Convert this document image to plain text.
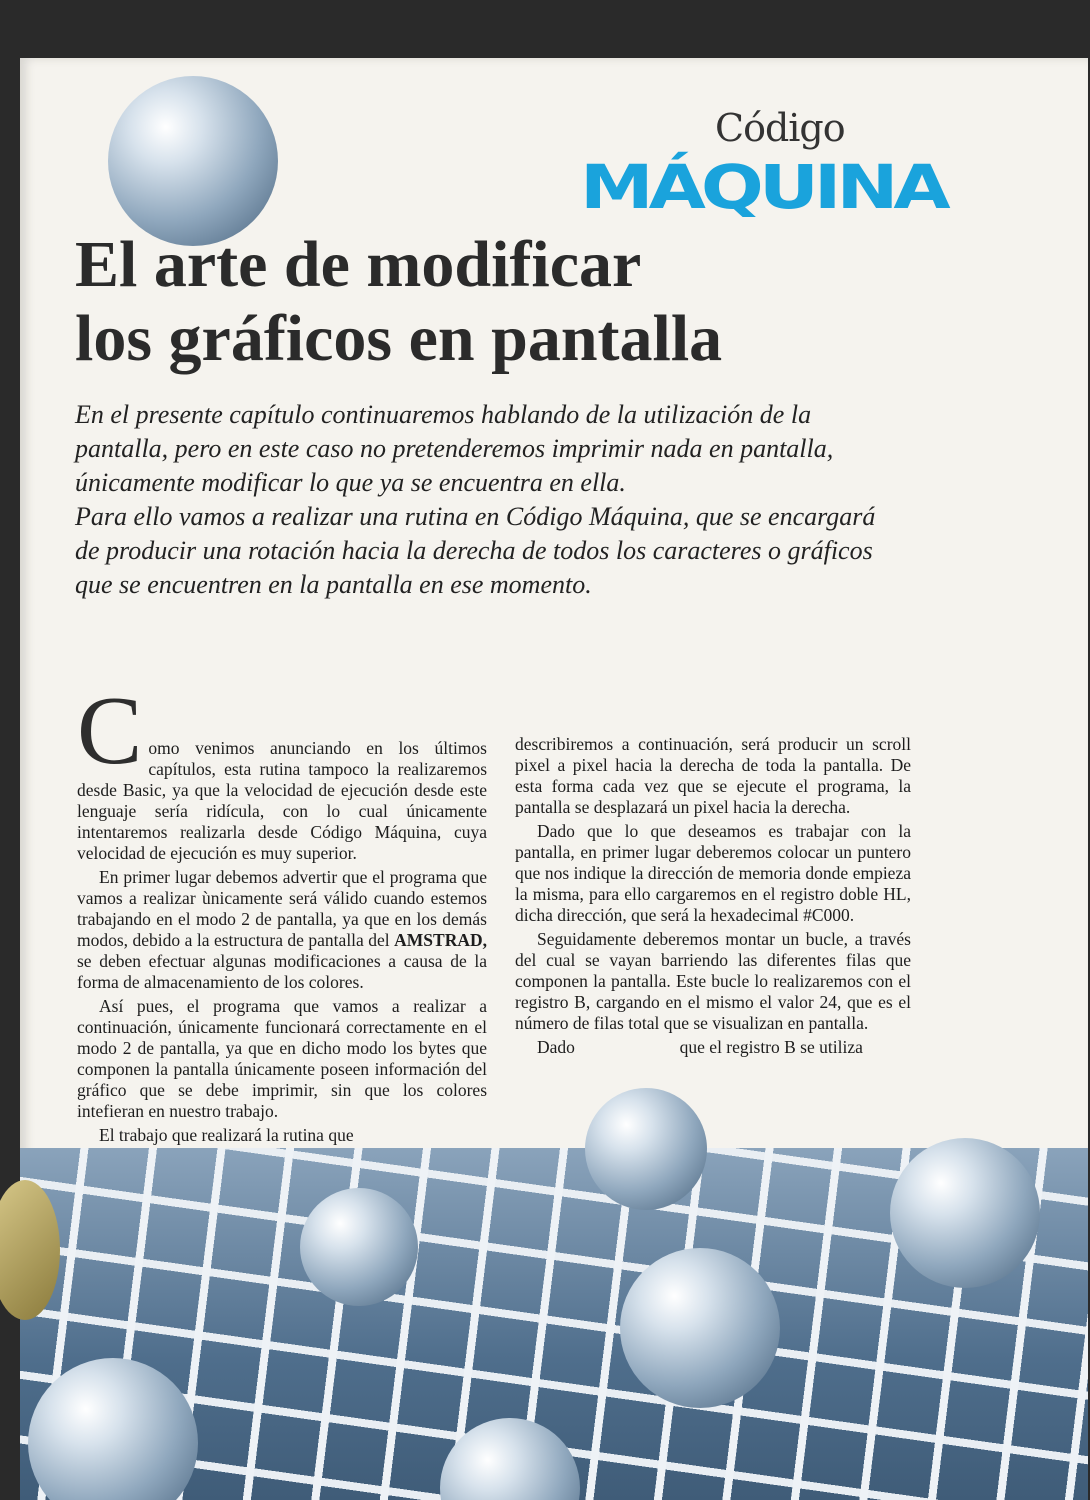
Código
MÁQUINA
El arte de modificar
los gráficos en pantalla

En el presente capítulo continuaremos hablando de la utilización de la pantalla, pero en este caso no pretenderemos imprimir nada en pantalla, únicamente modificar lo que ya se encuentra en ella.

Para ello vamos a realizar una rutina en Código Máquina, que se encargará de producir una rotación hacia la derecha de todos los caracteres o gráficos que se encuentren en la pantalla en ese momento.

Como venimos anunciando en los últimos capítulos, esta rutina tampoco la realizaremos desde Basic, ya que la velocidad de ejecución desde este lenguaje sería ridícula, con lo cual únicamente intentaremos realizarla desde Código Máquina, cuya velocidad de ejecución es muy superior.

En primer lugar debemos advertir que el programa que vamos a realizar ùnicamente será válido cuando estemos trabajando en el modo 2 de pantalla, ya que en los demás modos, debido a la estructura de pantalla del AMSTRAD, se deben efectuar algunas modificaciones a causa de la forma de almacenamiento de los colores.

Así pues, el programa que vamos a realizar a continuación, únicamente funcionará correctamente en el modo 2 de pantalla, ya que en dicho modo los bytes que componen la pantalla únicamente poseen información del gráfico que se debe imprimir, sin que los colores intefieran en nuestro trabajo.

El trabajo que realizará la rutina que

describiremos a continuación, será producir un scroll pixel a pixel hacia la derecha de toda la pantalla. De esta forma cada vez que se ejecute el programa, la pantalla se desplazará un pixel hacia la derecha.

Dado que lo que deseamos es trabajar con la pantalla, en primer lugar deberemos colocar un puntero que nos indique la dirección de memoria donde empieza la misma, para ello cargaremos en el registro doble HL, dicha dirección, que será la hexadecimal #C000.

Seguidamente deberemos montar un bucle, a través del cual se vayan barriendo las diferentes filas que componen la pantalla. Este bucle lo realizaremos con el registro B, cargando en el mismo el valor 24, que es el número de filas total que se visualizan en pantalla.

Dado	que el registro B se utiliza
